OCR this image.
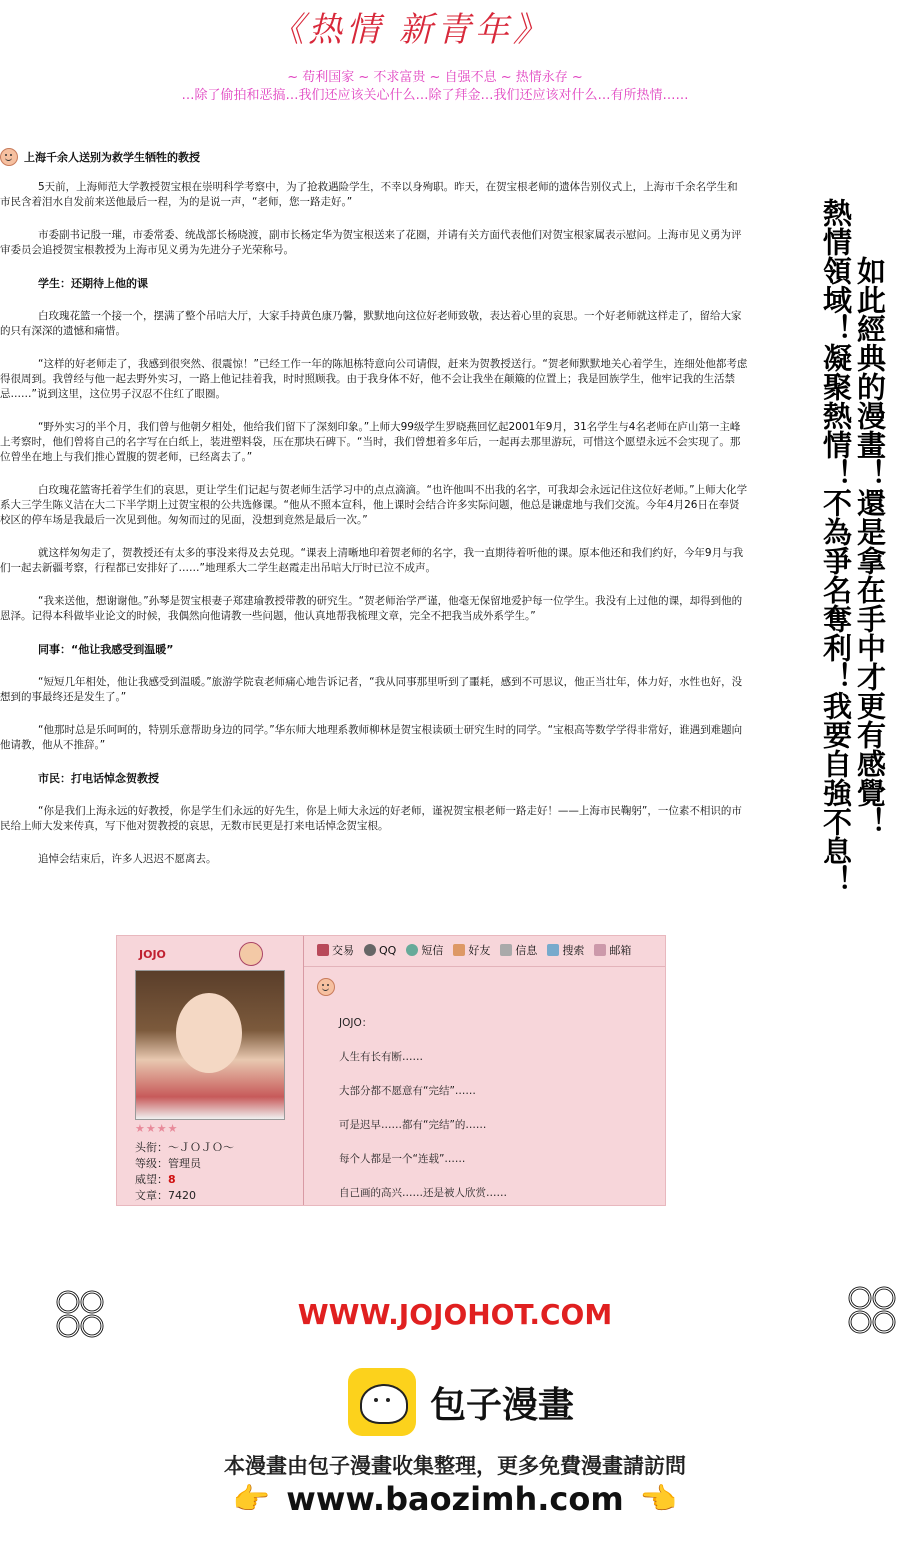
《热情 新青年》
~ 苟利国家 ~ 不求富贵 ~ 自强不息 ~ 热情永存 ~
…除了偷拍和恶搞…我们还应该关心什么…除了拜金…我们还应该对什么…有所热情……
上海千余人送别为救学生牺牲的教授

5天前，上海师范大学教授贺宝根在崇明科学考察中，为了抢救遇险学生，不幸以身殉职。昨天，在贺宝根老师的遗体告别仪式上，上海市千余名学生和市民含着泪水自发前来送他最后一程，为的是说一声，“老师，您一路走好。”

市委副书记殷一璀，市委常委、统战部长杨晓渡，副市长杨定华为贺宝根送来了花圈，并请有关方面代表他们对贺宝根家属表示慰问。上海市见义勇为评审委员会追授贺宝根教授为上海市见义勇为先进分子光荣称号。

学生：还期待上他的课

白玫瑰花篮一个接一个，摆满了整个吊唁大厅，大家手持黄色康乃馨，默默地向这位好老师致敬，表达着心里的哀思。一个好老师就这样走了，留给大家的只有深深的遗憾和痛惜。

“这样的好老师走了，我感到很突然、很震惊！”已经工作一年的陈旭栋特意向公司请假，赶来为贺教授送行。“贺老师默默地关心着学生，连细处他都考虑得很周到。我曾经与他一起去野外实习，一路上他记挂着我，时时照顾我。由于我身体不好，他不会让我坐在颠簸的位置上；我是回族学生，他牢记我的生活禁忌……”说到这里，这位男子汉忍不住红了眼圈。

“野外实习的半个月，我们曾与他朝夕相处，他给我们留下了深刻印象。”上师大99级学生罗晓燕回忆起2001年9月，31名学生与4名老师在庐山第一主峰上考察时，他们曾将自己的名字写在白纸上，装进塑料袋，压在那块石碑下。“当时，我们曾想着多年后，一起再去那里游玩，可惜这个愿望永远不会实现了。那位曾坐在地上与我们推心置腹的贺老师，已经离去了。”

白玫瑰花篮寄托着学生们的哀思，更让学生们记起与贺老师生活学习中的点点滴滴。“也许他叫不出我的名字，可我却会永远记住这位好老师。”上师大化学系大三学生陈义洁在大二下半学期上过贺宝根的公共选修课。“他从不照本宣科，他上课时会结合许多实际问题，他总是谦虚地与我们交流。今年4月26日在奉贤校区的停车场是我最后一次见到他。匆匆而过的见面，没想到竟然是最后一次。”

就这样匆匆走了，贺教授还有太多的事没来得及去兑现。“课表上清晰地印着贺老师的名字，我一直期待着听他的课。原本他还和我们约好，今年9月与我们一起去新疆考察，行程都已安排好了……”地理系大二学生赵霞走出吊唁大厅时已泣不成声。

“我来送他，想谢谢他。”孙琴是贺宝根妻子郑建瑜教授带教的研究生。“贺老师治学严谨，他毫无保留地爱护每一位学生。我没有上过他的课，却得到他的恩泽。记得本科做毕业论文的时候，我偶然向他请教一些问题，他认真地帮我梳理文章，完全不把我当成外系学生。”

同事：“他让我感受到温暖”

“短短几年相处，他让我感受到温暖。”旅游学院袁老师痛心地告诉记者，“我从同事那里听到了噩耗，感到不可思议，他正当壮年，体力好，水性也好，没想到的事最终还是发生了。”

“他那时总是乐呵呵的，特别乐意帮助身边的同学。”华东师大地理系教师柳林是贺宝根读硕士研究生时的同学。“宝根高等数学学得非常好，谁遇到难题向他请教，他从不推辞。”

市民：打电话悼念贺教授

“你是我们上海永远的好教授，你是学生们永远的好先生，你是上师大永远的好老师，谨祝贺宝根老师一路走好！——上海市民鞠躬”，一位素不相识的市民给上师大发来传真，写下他对贺教授的哀思，无数市民更是打来电话悼念贺宝根。

追悼会结束后，许多人迟迟不愿离去。

如此經典的漫畫！還是拿在手中才更有感覺！
熱情領域！凝聚熱情！不為爭名奪利！我要自強不息！
JOJO
★★★★
头衔：～ＪＯＪＯ～
等级：管理员
威望：8
文章：7420
交易 QQ 短信 好友 信息 搜索 邮箱
JOJO：
人生有长有断……
大部分都不愿意有“完结”……
可是迟早……都有“完结”的……
每个人都是一个“连载”……
自己画的高兴……还是被人欣赏……
WWW.JOJOHOT.COM
包子漫畫
本漫畫由包子漫畫收集整理，更多免費漫畫請訪問
👉 www.baozimh.com 👈
